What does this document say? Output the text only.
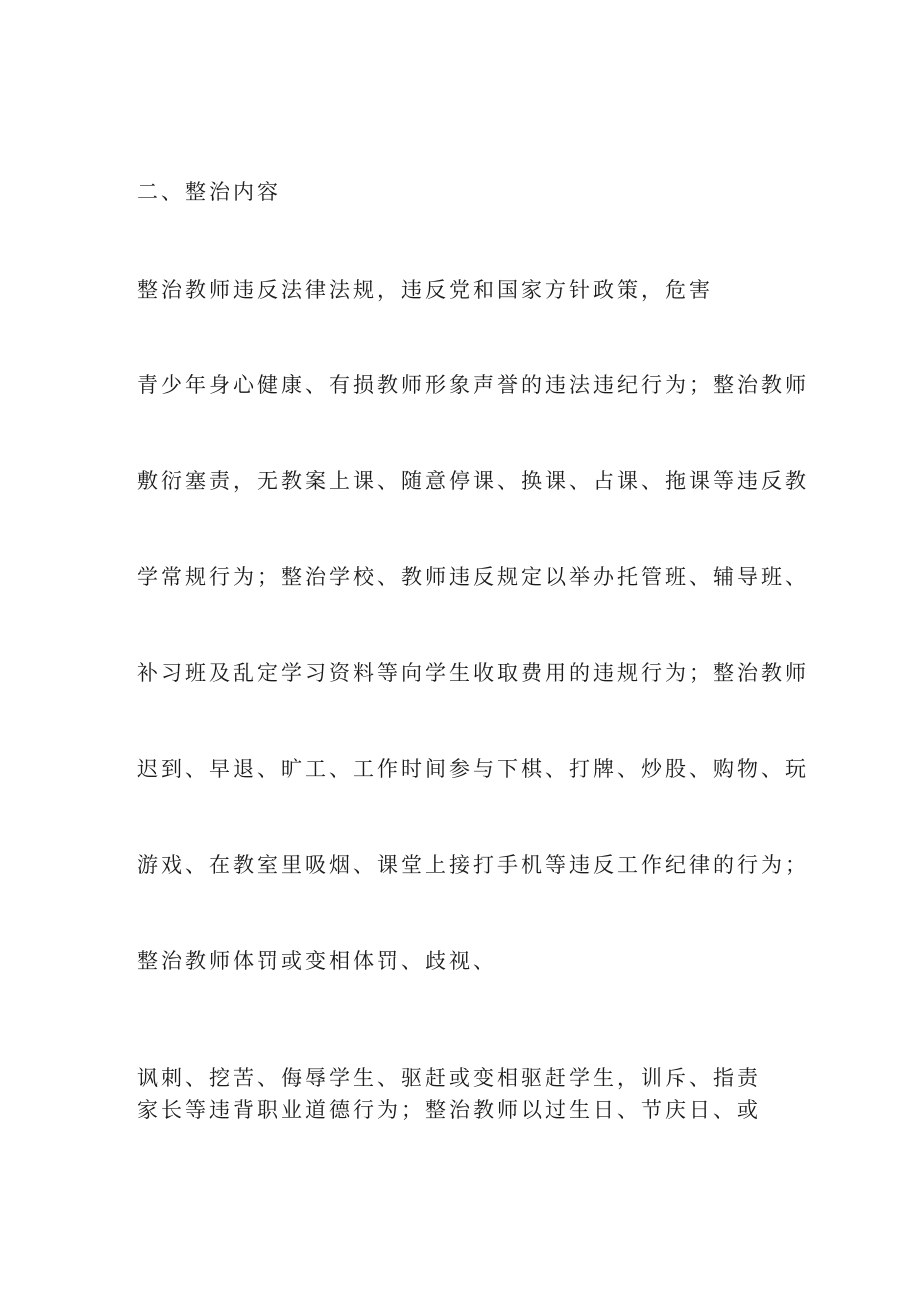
二、整治内容

整治教师违反法律法规，违反党和国家方针政策，危害

青少年身心健康、有损教师形象声誉的违法违纪行为；整治教师

敷衍塞责，无教案上课、随意停课、换课、占课、拖课等违反教

学常规行为；整治学校、教师违反规定以举办托管班、辅导班、

补习班及乱定学习资料等向学生收取费用的违规行为；整治教师

迟到、早退、旷工、工作时间参与下棋、打牌、炒股、购物、玩

游戏、在教室里吸烟、课堂上接打手机等违反工作纪律的行为；

整治教师体罚或变相体罚、歧视、

讽刺、挖苦、侮辱学生、驱赶或变相驱赶学生，训斥、指责

家长等违背职业道德行为；整治教师以过生日、节庆日、或
